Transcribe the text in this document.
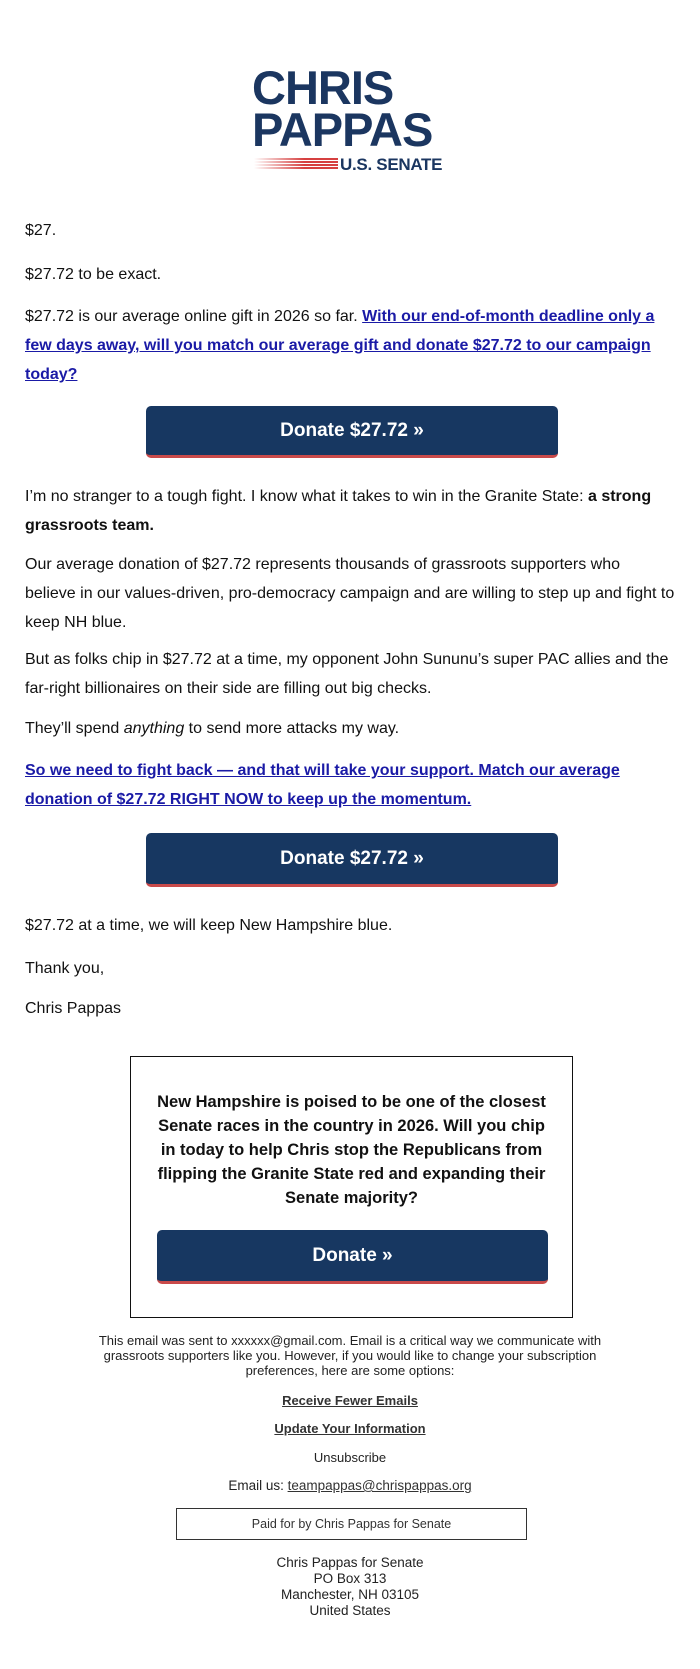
CHRIS
PAPPAS
U.S. SENATE

$27.

$27.72 to be exact.

$27.72 is our average online gift in 2026 so far. With our end-of-month deadline only a few days away, will you match our average gift and donate $27.72 to our campaign today?

I’m no stranger to a tough fight. I know what it takes to win in the Granite State: a strong grassroots team.

Our average donation of $27.72 represents thousands of grassroots supporters who believe in our values-driven, pro-democracy campaign and are willing to step up and fight to keep NH blue.

But as folks chip in $27.72 at a time, my opponent John Sununu’s super PAC allies and the far-right billionaires on their side are filling out big checks.

They’ll spend anything to send more attacks my way.

So we need to fight back — and that will take your support. Match our average donation of $27.72 RIGHT NOW to keep up the momentum.

$27.72 at a time, we will keep New Hampshire blue.

Thank you,

Chris Pappas

Donate $27.72 »
Donate $27.72 »
New Hampshire is poised to be one of the closest Senate races in the country in 2026. Will you chip in today to help Chris stop the Republicans from flipping the Granite State red and expanding their Senate majority?
Donate »
This email was sent to xxxxxx@gmail.com. Email is a critical way we communicate with grassroots supporters like you. However, if you would like to change your subscription preferences, here are some options:
Receive Fewer Emails
Update Your Information
Unsubscribe
Email us: teampappas@chrispappas.org
Paid for by Chris Pappas for Senate
Chris Pappas for Senate
PO Box 313
Manchester, NH 03105
United States
